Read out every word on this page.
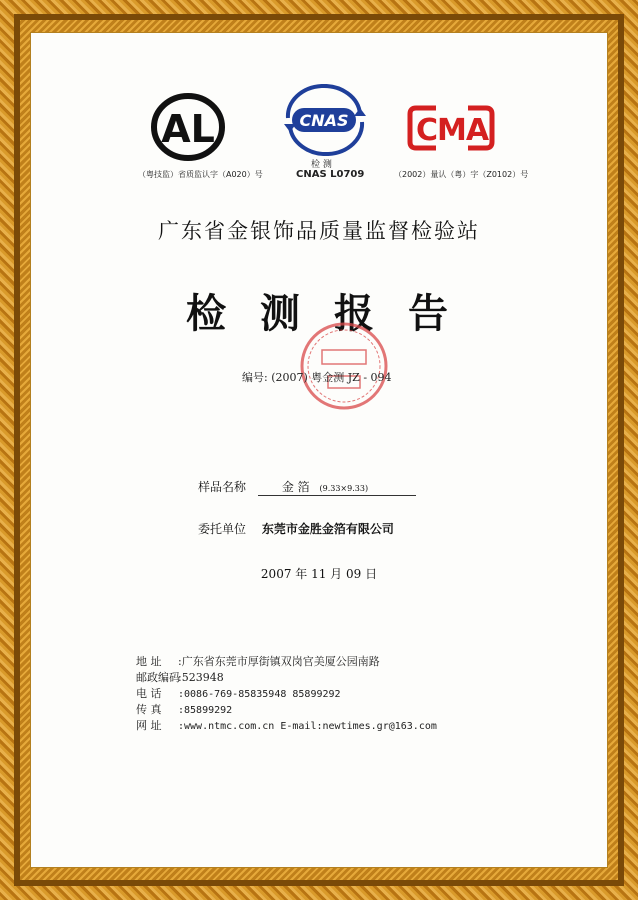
AL
（粤技监）省质监认字（A020）号
CNAS
检 测
CNAS L0709
CMA
（2002）量认（粤）字（Z0102）号
广东省金银饰品质量监督检验站
检测报告
编号: (2007) 粤金测 JZ - 094
样品名称	金 箔 (9.33×9.33)
委托单位 东莞市金胜金箔有限公司
2007 年 11 月 09 日
地 址 :广东省东莞市厚街镇双岗官美厦公园南路
邮政编码:523948
电 话 :0086-769-85835948 85899292
传 真 :85899292
网 址 :www.ntmc.com.cn E-mail:newtimes.gr@163.com
